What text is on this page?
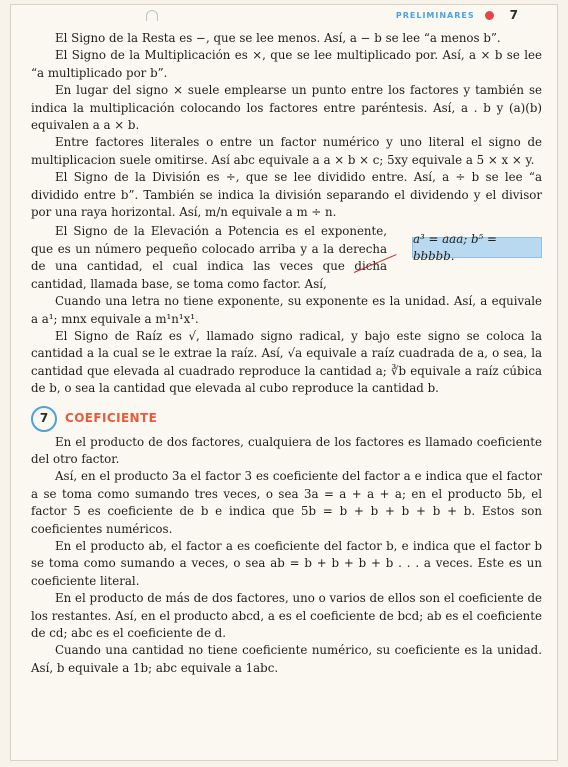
PRELIMINARES	7

El Signo de la Resta es −, que se lee menos. Así, a − b se lee “a menos b”.

El Signo de la Multiplicación es ×, que se lee multiplicado por. Así, a × b se lee “a multiplicado por b”.

En lugar del signo × suele emplearse un punto entre los factores y también se indica la multiplicación colocando los factores entre paréntesis. Así, a . b y (a)(b) equivalen a a × b.

Entre factores literales o entre un factor numérico y uno literal el signo de multiplicacion suele omitirse. Así abc equivale a a × b × c; 5xy equivale a 5 × x × y.

El Signo de la División es ÷, que se lee dividido entre. Así, a ÷ b se lee “a dividido entre b”. También se indica la división separando el dividendo y el divisor por una raya horizontal. Así, m/n equivale a m ÷ n.

El Signo de la Elevación a Potencia es el exponente, que es un número pequeño colocado arriba y a la derecha de una cantidad, el cual indica las veces que dicha cantidad, llamada base, se toma como factor. Así,

a³ = aaa; b⁵ = bbbbb.

Cuando una letra no tiene exponente, su exponente es la unidad. Así, a equivale a a¹; mnx equivale a m¹n¹x¹.

El Signo de Raíz es √, llamado signo radical, y bajo este signo se coloca la cantidad a la cual se le extrae la raíz. Así, √a equivale a raíz cuadrada de a, o sea, la cantidad que elevada al cuadrado reproduce la cantidad a; ∛b equivale a raíz cúbica de b, o sea la cantidad que elevada al cubo reproduce la cantidad b.

7	COEFICIENTE

En el producto de dos factores, cualquiera de los factores es llamado coeficiente del otro factor.

Así, en el producto 3a el factor 3 es coeficiente del factor a e indica que el factor a se toma como sumando tres veces, o sea 3a = a + a + a; en el producto 5b, el factor 5 es coeficiente de b e indica que 5b = b + b + b + b + b. Estos son coeficientes numéricos.

En el producto ab, el factor a es coeficiente del factor b, e indica que el factor b se toma como sumando a veces, o sea ab = b + b + b + b . . . a veces. Este es un coeficiente literal.

En el producto de más de dos factores, uno o varios de ellos son el coeficiente de los restantes. Así, en el producto abcd, a es el coeficiente de bcd; ab es el coeficiente de cd; abc es el coeficiente de d.

Cuando una cantidad no tiene coeficiente numérico, su coeficiente es la unidad. Así, b equivale a 1b; abc equivale a 1abc.
